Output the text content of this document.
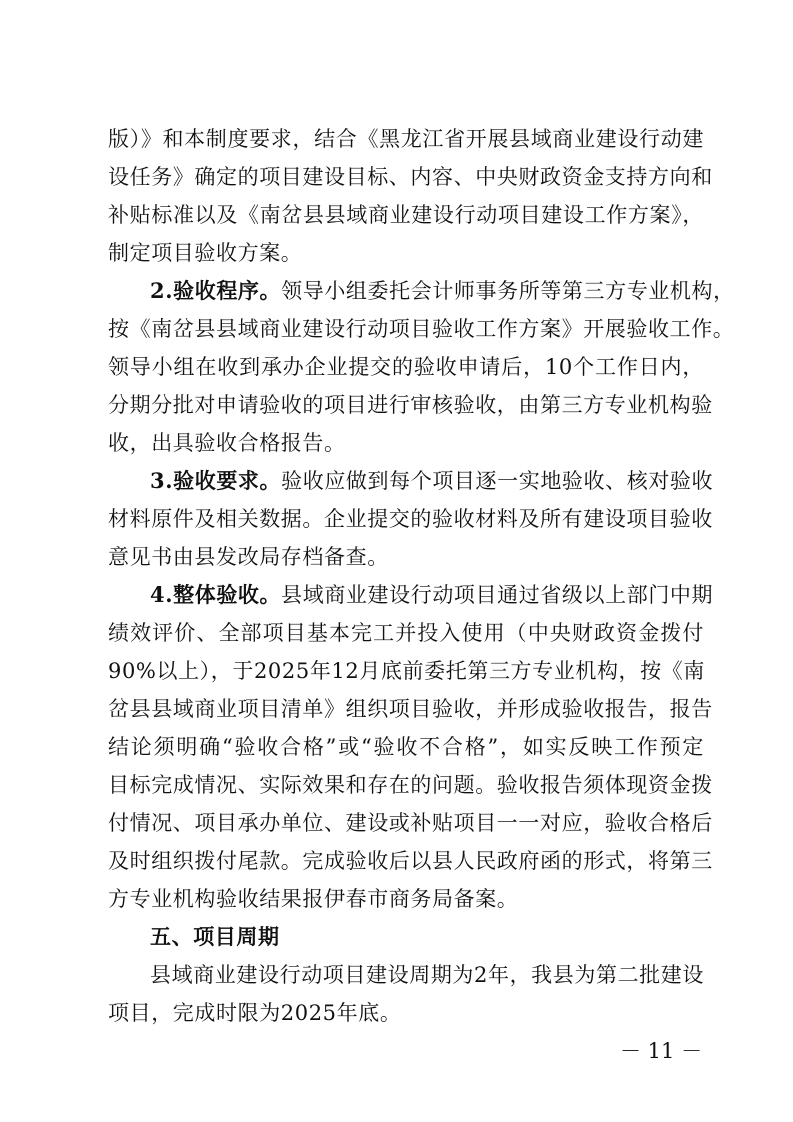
版）》和本制度要求，结合《黑龙江省开展县域商业建设行动建
设任务》确定的项目建设目标、内容、中央财政资金支持方向和
补贴标准以及《南岔县县域商业建设行动项目建设工作方案》，
制定项目验收方案。
2.验收程序。领导小组委托会计师事务所等第三方专业机构，
按《南岔县县域商业建设行动项目验收工作方案》开展验收工作。
领导小组在收到承办企业提交的验收申请后，10个工作日内，
分期分批对申请验收的项目进行审核验收，由第三方专业机构验
收，出具验收合格报告。
3.验收要求。验收应做到每个项目逐一实地验收、核对验收
材料原件及相关数据。企业提交的验收材料及所有建设项目验收
意见书由县发改局存档备查。
4.整体验收。县域商业建设行动项目通过省级以上部门中期
绩效评价、全部项目基本完工并投入使用（中央财政资金拨付
90%以上），于2025年12月底前委托第三方专业机构，按《南
岔县县域商业项目清单》组织项目验收，并形成验收报告，报告
结论须明确“验收合格”或“验收不合格”，如实反映工作预定
目标完成情况、实际效果和存在的问题。验收报告须体现资金拨
付情况、项目承办单位、建设或补贴项目一一对应，验收合格后
及时组织拨付尾款。完成验收后以县人民政府函的形式，将第三
方专业机构验收结果报伊春市商务局备案。
五、项目周期
县域商业建设行动项目建设周期为2年，我县为第二批建设
项目，完成时限为2025年底。
－ 11 －
